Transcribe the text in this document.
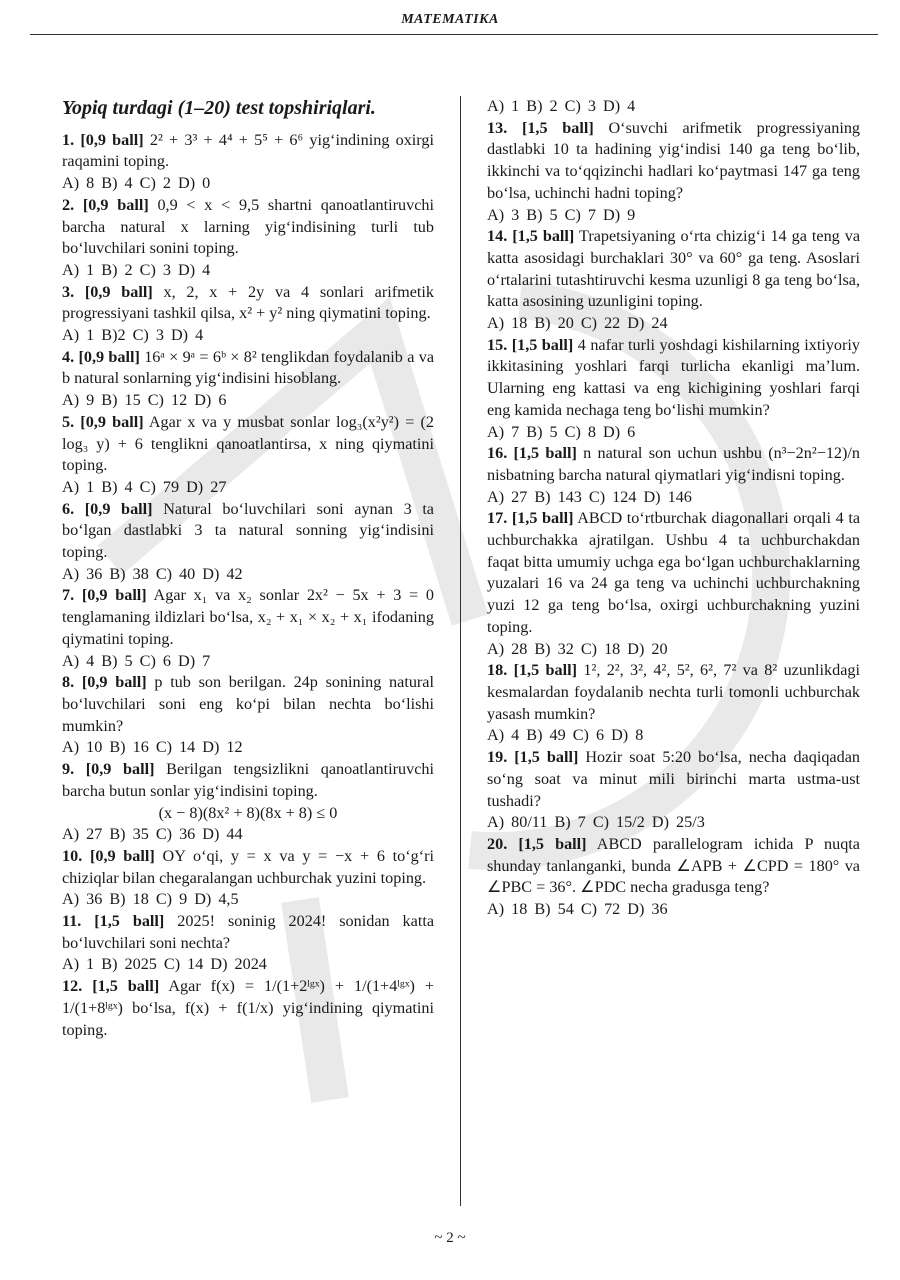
MATEMATIKA
Yopiq turdagi (1–20) test topshiriqlari.
1. [0,9 ball] 2² + 3³ + 4⁴ + 5⁵ + 6⁶ yig‘indining oxirgi raqamini toping.
A) 8 B) 4 C) 2 D) 0
2. [0,9 ball] 0,9 < x < 9,5 shartni qanoatlantiruvchi barcha natural x larning yig‘indisining turli tub bo‘luvchilari sonini toping.
A) 1 B) 2 C) 3 D) 4
3. [0,9 ball] x, 2, x + 2y va 4 sonlari arifmetik progressiyani tashkil qilsa, x² + y² ning qiymatini toping.
A) 1 B)2 C) 3 D) 4
4. [0,9 ball] 16ᵃ × 9ᵃ = 6ᵇ × 8² tenglikdan foydalanib a va b natural sonlarning yig‘indisini hisoblang.
A) 9 B) 15 C) 12 D) 6
5. [0,9 ball] Agar x va y musbat sonlar log₃(x²y²) = (2 log₃ y) + 6 tenglikni qanoatlantirsa, x ning qiymatini toping.
A) 1 B) 4 C) 79 D) 27
6. [0,9 ball] Natural bo‘luvchilari soni aynan 3 ta bo‘lgan dastlabki 3 ta natural sonning yig‘indisini toping.
A) 36 B) 38 C) 40 D) 42
7. [0,9 ball] Agar x₁ va x₂ sonlar 2x² − 5x + 3 = 0 tenglamaning ildizlari bo‘lsa, x₂ + x₁ × x₂ + x₁ ifodaning qiymatini toping.
A) 4 B) 5 C) 6 D) 7
8. [0,9 ball] p tub son berilgan. 24p sonining natural bo‘luvchilari soni eng ko‘pi bilan nechta bo‘lishi mumkin?
A) 10 B) 16 C) 14 D) 12
9. [0,9 ball] Berilgan tengsizlikni qanoatlantiruvchi barcha butun sonlar yig‘indisini toping.
(x − 8)(8x² + 8)(8x + 8) ≤ 0
A) 27 B) 35 C) 36 D) 44
10. [0,9 ball] OY o‘qi, y = x va y = −x + 6 to‘g‘ri chiziqlar bilan chegaralangan uchburchak yuzini toping.
A) 36 B) 18 C) 9 D) 4,5
11. [1,5 ball] 2025! soninig 2024! sonidan katta bo‘luvchilari soni nechta?
A) 1 B) 2025 C) 14 D) 2024
12. [1,5 ball] Agar f(x) = 1/(1+2ˡᵍˣ) + 1/(1+4ˡᵍˣ) + 1/(1+8ˡᵍˣ) bo‘lsa, f(x) + f(1/x) yig‘indining qiymatini toping.
A) 1 B) 2 C) 3 D) 4
13. [1,5 ball] O‘suvchi arifmetik progressiyaning dastlabki 10 ta hadining yig‘indisi 140 ga teng bo‘lib, ikkinchi va to‘qqizinchi hadlari ko‘paytmasi 147 ga teng bo‘lsa, uchinchi hadni toping?
A) 3 B) 5 C) 7 D) 9
14. [1,5 ball] Trapetsiyaning o‘rta chizig‘i 14 ga teng va katta asosidagi burchaklari 30° va 60° ga teng. Asoslari o‘rtalarini tutashtiruvchi kesma uzunligi 8 ga teng bo‘lsa, katta asosining uzunligini toping.
A) 18 B) 20 C) 22 D) 24
15. [1,5 ball] 4 nafar turli yoshdagi kishilarning ixtiyoriy ikkitasining yoshlari farqi turlicha ekanligi ma’lum. Ularning eng kattasi va eng kichigining yoshlari farqi eng kamida nechaga teng bo‘lishi mumkin?
A) 7 B) 5 C) 8 D) 6
16. [1,5 ball] n natural son uchun ushbu (n³−2n²−12)/n nisbatning barcha natural qiymatlari yig‘indisni toping.
A) 27 B) 143 C) 124 D) 146
17. [1,5 ball] ABCD to‘rtburchak diagonallari orqali 4 ta uchburchakka ajratilgan. Ushbu 4 ta uchburchakdan faqat bitta umumiy uchga ega bo‘lgan uchburchaklarning yuzalari 16 va 24 ga teng va uchinchi uchburchakning yuzi 12 ga teng bo‘lsa, oxirgi uchburchakning yuzini toping.
A) 28 B) 32 C) 18 D) 20
18. [1,5 ball] 1², 2², 3², 4², 5², 6², 7² va 8² uzunlikdagi kesmalardan foydalanib nechta turli tomonli uchburchak yasash mumkin?
A) 4 B) 49 C) 6 D) 8
19. [1,5 ball] Hozir soat 5:20 bo‘lsa, necha daqiqadan so‘ng soat va minut mili birinchi marta ustma-ust tushadi?
A) 80/11 B) 7 C) 15/2 D) 25/3
20. [1,5 ball] ABCD parallelogram ichida P nuqta shunday tanlanganki, bunda ∠APB + ∠CPD = 180° va ∠PBC = 36°. ∠PDC necha gradusga teng?
A) 18 B) 54 C) 72 D) 36
~ 2 ~
